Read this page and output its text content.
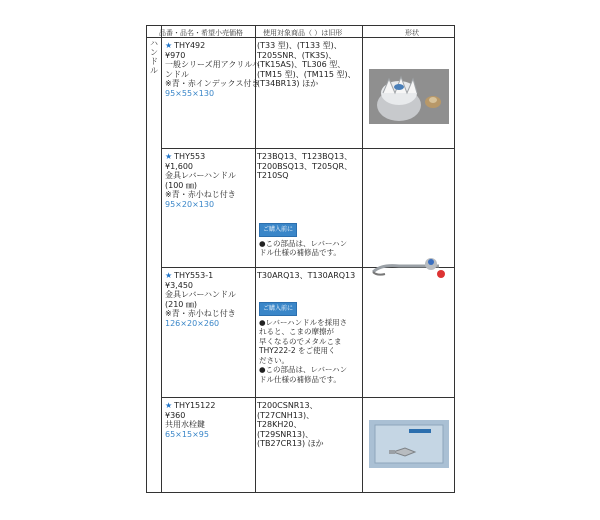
品番・品名・希望小売価格	使用対象商品（ ）は旧形	形状
ハ
ン
ド
ル
★ THY492
¥970
一般シリーズ用アクリルハンドル
※青・赤インデックス付き
95×55×130
(T33 型)、(T133 型)、
T205SNR、(TK3S)、
(TK15AS)、TL306 型、
(TM15 型)、(TM115 型)、
(T34BR13) ほか
★ THY553
¥1,600
金具レバーハンドル
(100 ㎜)
※青・赤小ねじ付き
95×20×130
T23BQ13、T123BQ13、
T200BSQ13、T205QR、
T210SQ
ご購入前に
●この部品は、レバーハン
ドル仕様の補修品です。
★ THY553-1
¥3,450
金具レバーハンドル
(210 ㎜)
※青・赤小ねじ付き
126×20×260
T30ARQ13、T130ARQ13
ご購入前に
●レバーハンドルを採用さ
れると、こまの摩擦が
早くなるのでメタルこま
THY222-2 をご使用く
ださい。
●この部品は、レバーハン
ドル仕様の補修品です。
★ THY15122
¥360
共用水栓鍵
65×15×95
T200CSNR13、
(T27CNH13)、
T28KH20、
(T29SNR13)、
(TB27CR13) ほか
